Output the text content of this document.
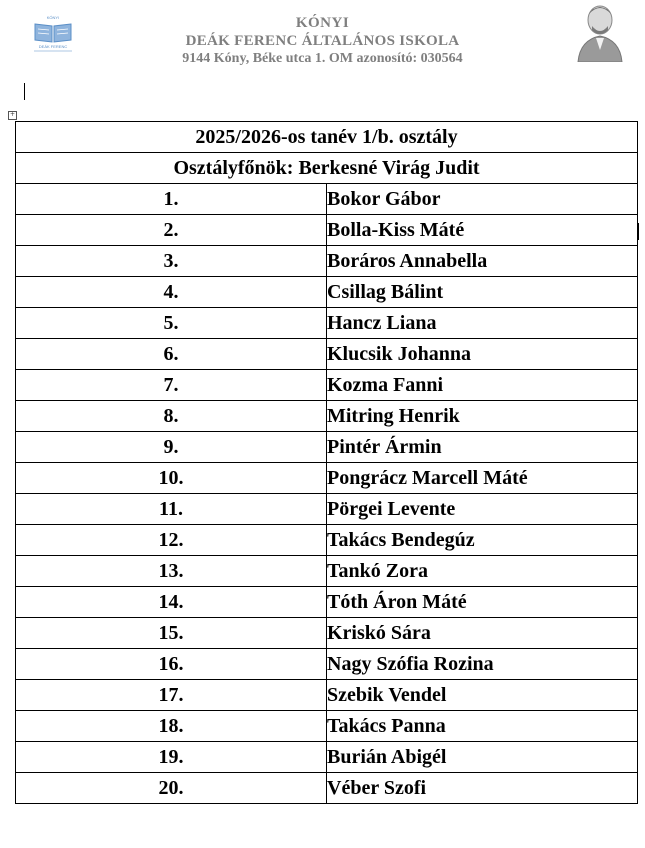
KÓNYI
DEÁK FERENC
KÓNYI
DEÁK FERENC ÁLTALÁNOS ISKOLA
9144 Kóny, Béke utca 1. OM azonosító: 030564
+
2025/2026-os tanév 1/b. osztály	
Osztályfőnök: Berkesné Virág Judit	
1.	Bokor Gábor
2.	Bolla-Kiss Máté
3.	Boráros Annabella
4.	Csillag Bálint
5.	Hancz Liana
6.	Klucsik Johanna
7.	Kozma Fanni
8.	Mitring Henrik
9.	Pintér Ármin
10.	Pongrácz Marcell Máté
11.	Pörgei Levente
12.	Takács Bendegúz
13.	Tankó Zora
14.	Tóth Áron Máté
15.	Kriskó Sára
16.	Nagy Szófia Rozina
17.	Szebik Vendel
18.	Takács Panna
19.	Burián Abigél
20.	Véber Szofi
